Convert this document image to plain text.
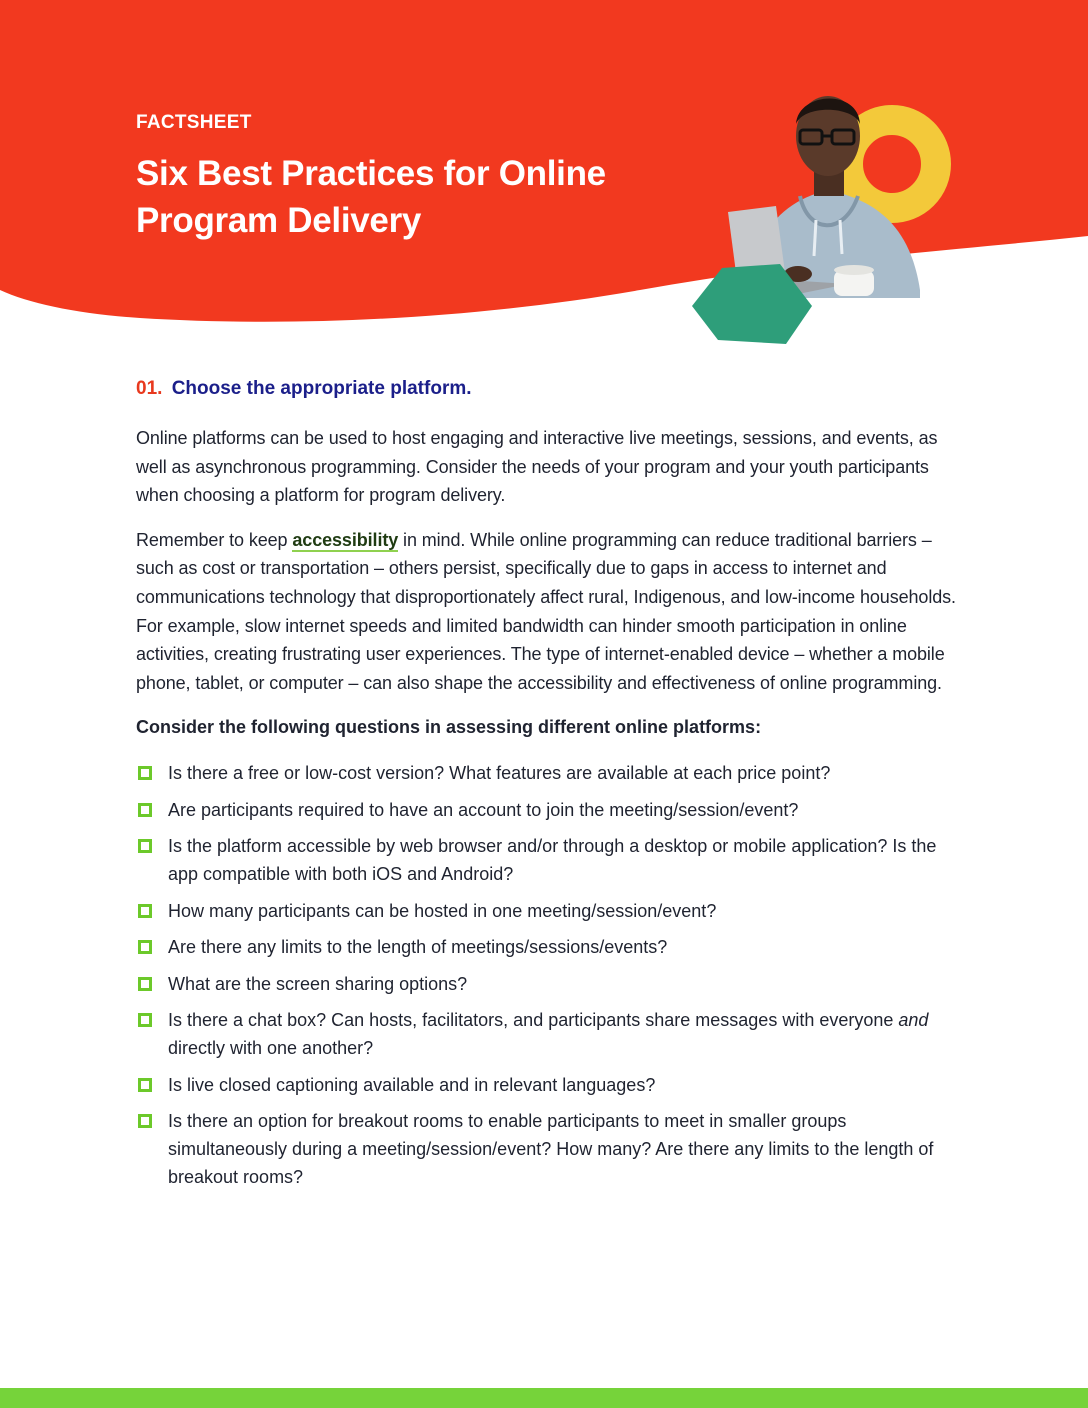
FACTSHEET
Six Best Practices for Online Program Delivery
01. Choose the appropriate platform.

Online platforms can be used to host engaging and interactive live meetings, sessions, and events, as well as asynchronous programming. Consider the needs of your program and your youth participants when choosing a platform for program delivery.

Remember to keep accessibility in mind. While online programming can reduce traditional barriers – such as cost or transportation – others persist, specifically due to gaps in access to internet and communications technology that disproportionately affect rural, Indigenous, and low-income households. For example, slow internet speeds and limited bandwidth can hinder smooth participation in online activities, creating frustrating user experiences. The type of internet-enabled device – whether a mobile phone, tablet, or computer – can also shape the accessibility and effectiveness of online programming.

Consider the following questions in assessing different online platforms:

Is there a free or low-cost version? What features are available at each price point?
Are participants required to have an account to join the meeting/session/event?
Is the platform accessible by web browser and/or through a desktop or mobile application? Is the app compatible with both iOS and Android?
How many participants can be hosted in one meeting/session/event?
Are there any limits to the length of meetings/sessions/events?
What are the screen sharing options?
Is there a chat box? Can hosts, facilitators, and participants share messages with everyone and directly with one another?
Is live closed captioning available and in relevant languages?
Is there an option for breakout rooms to enable participants to meet in smaller groups simultaneously during a meeting/session/event? How many? Are there any limits to the length of breakout rooms?
